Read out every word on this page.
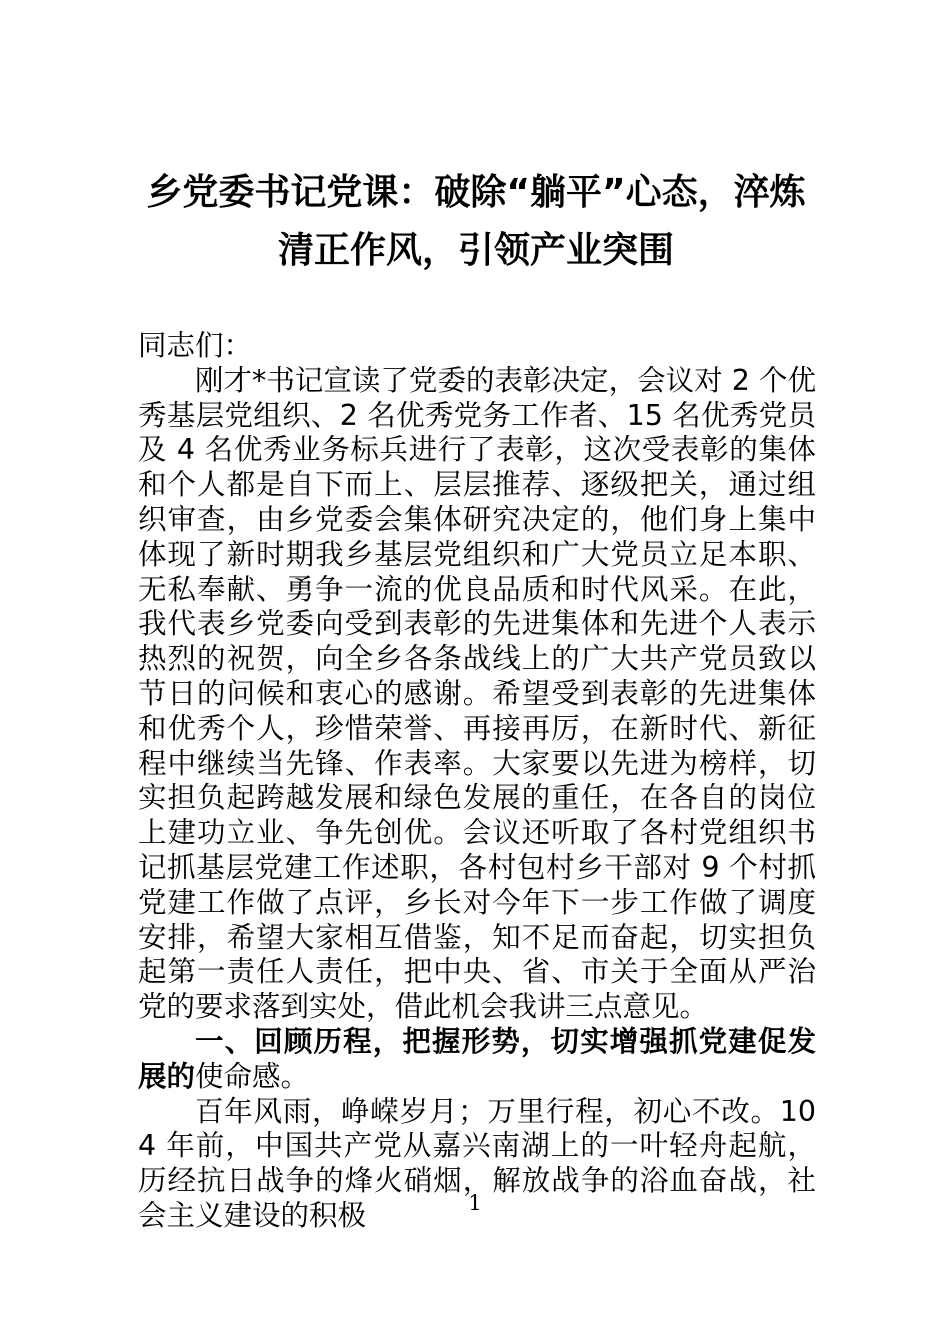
乡党委书记党课：破除“躺平”心态，淬炼清正作风，引领产业突围

同志们：

刚才*书记宣读了党委的表彰决定，会议对 2 个优秀基层党组织、2 名优秀党务工作者、15 名优秀党员及 4 名优秀业务标兵进行了表彰，这次受表彰的集体和个人都是自下而上、层层推荐、逐级把关，通过组织审查，由乡党委会集体研究决定的，他们身上集中体现了新时期我乡基层党组织和广大党员立足本职、无私奉献、勇争一流的优良品质和时代风采。在此，我代表乡党委向受到表彰的先进集体和先进个人表示热烈的祝贺，向全乡各条战线上的广大共产党员致以节日的问候和衷心的感谢。希望受到表彰的先进集体和优秀个人，珍惜荣誉、再接再厉，在新时代、新征程中继续当先锋、作表率。大家要以先进为榜样，切实担负起跨越发展和绿色发展的重任，在各自的岗位上建功立业、争先创优。会议还听取了各村党组织书记抓基层党建工作述职，各村包村乡干部对 9 个村抓党建工作做了点评，乡长对今年下一步工作做了调度安排，希望大家相互借鉴，知不足而奋起，切实担负起第一责任人责任，把中央、省、市关于全面从严治党的要求落到实处，借此机会我讲三点意见。

一、回顾历程，把握形势，切实增强抓党建促发展的使命感。

百年风雨，峥嵘岁月；万里行程，初心不改。104 年前，中国共产党从嘉兴南湖上的一叶轻舟起航，历经抗日战争的烽火硝烟，解放战争的浴血奋战，社会主义建设的积极	1
